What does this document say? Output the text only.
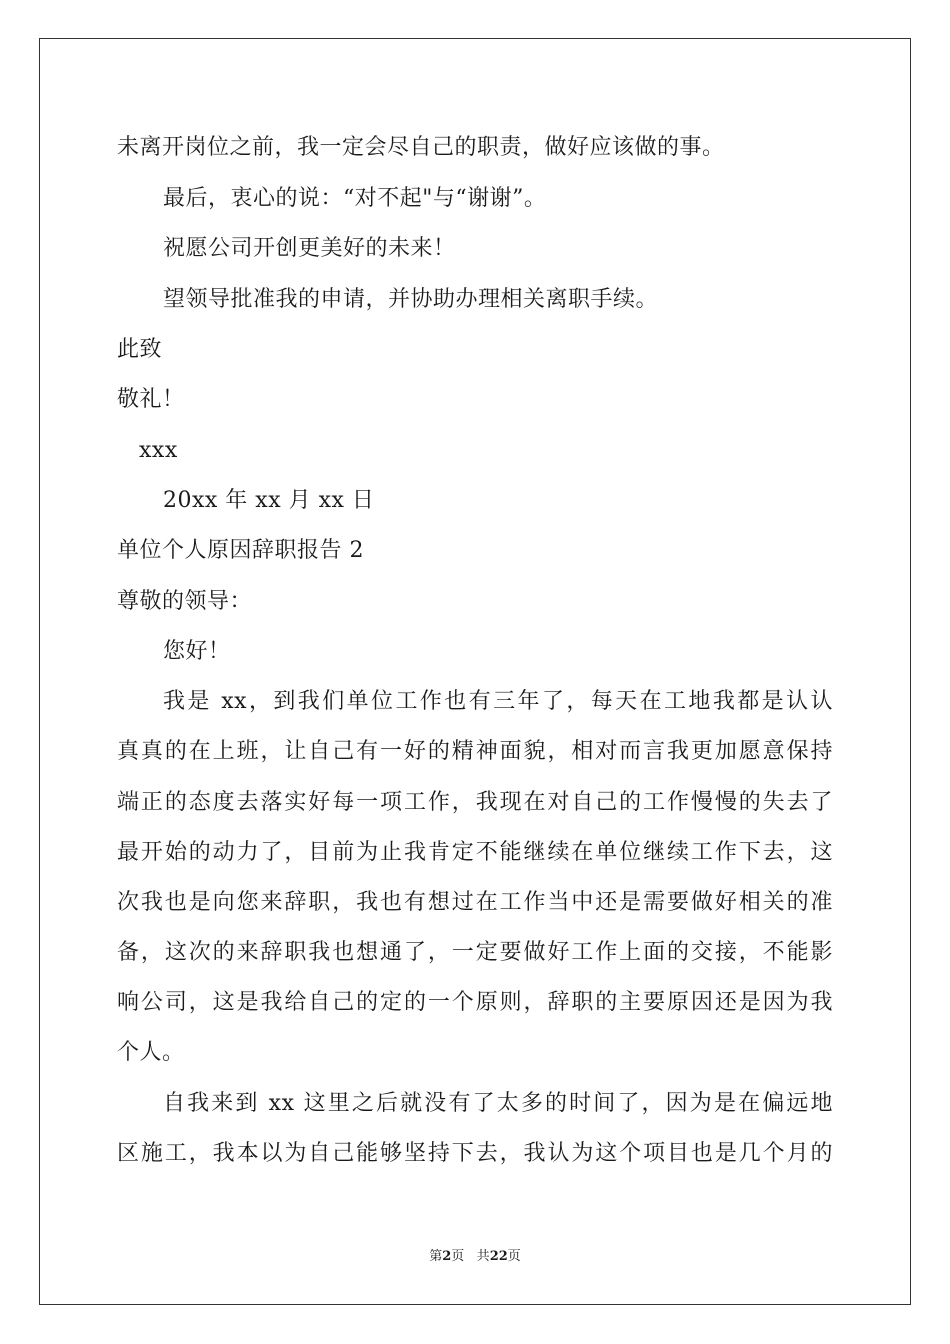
未离开岗位之前，我一定会尽自己的职责，做好应该做的事。
最后，衷心的说：“对不起"与“谢谢”。
祝愿公司开创更美好的未来！
望领导批准我的申请，并协助办理相关离职手续。
此致
敬礼！
xxx
20xx 年 xx 月 xx 日
单位个人原因辞职报告 2
尊敬的领导：
您好！
我是 xx，到我们单位工作也有三年了，每天在工地我都是认认
真真的在上班，让自己有一好的精神面貌，相对而言我更加愿意保持
端正的态度去落实好每一项工作，我现在对自己的工作慢慢的失去了
最开始的动力了，目前为止我肯定不能继续在单位继续工作下去，这
次我也是向您来辞职，我也有想过在工作当中还是需要做好相关的准
备，这次的来辞职我也想通了，一定要做好工作上面的交接，不能影
响公司，这是我给自己的定的一个原则，辞职的主要原因还是因为我
个人。
自我来到 xx 这里之后就没有了太多的时间了，因为是在偏远地
区施工，我本以为自己能够坚持下去，我认为这个项目也是几个月的
第2页 共22页
